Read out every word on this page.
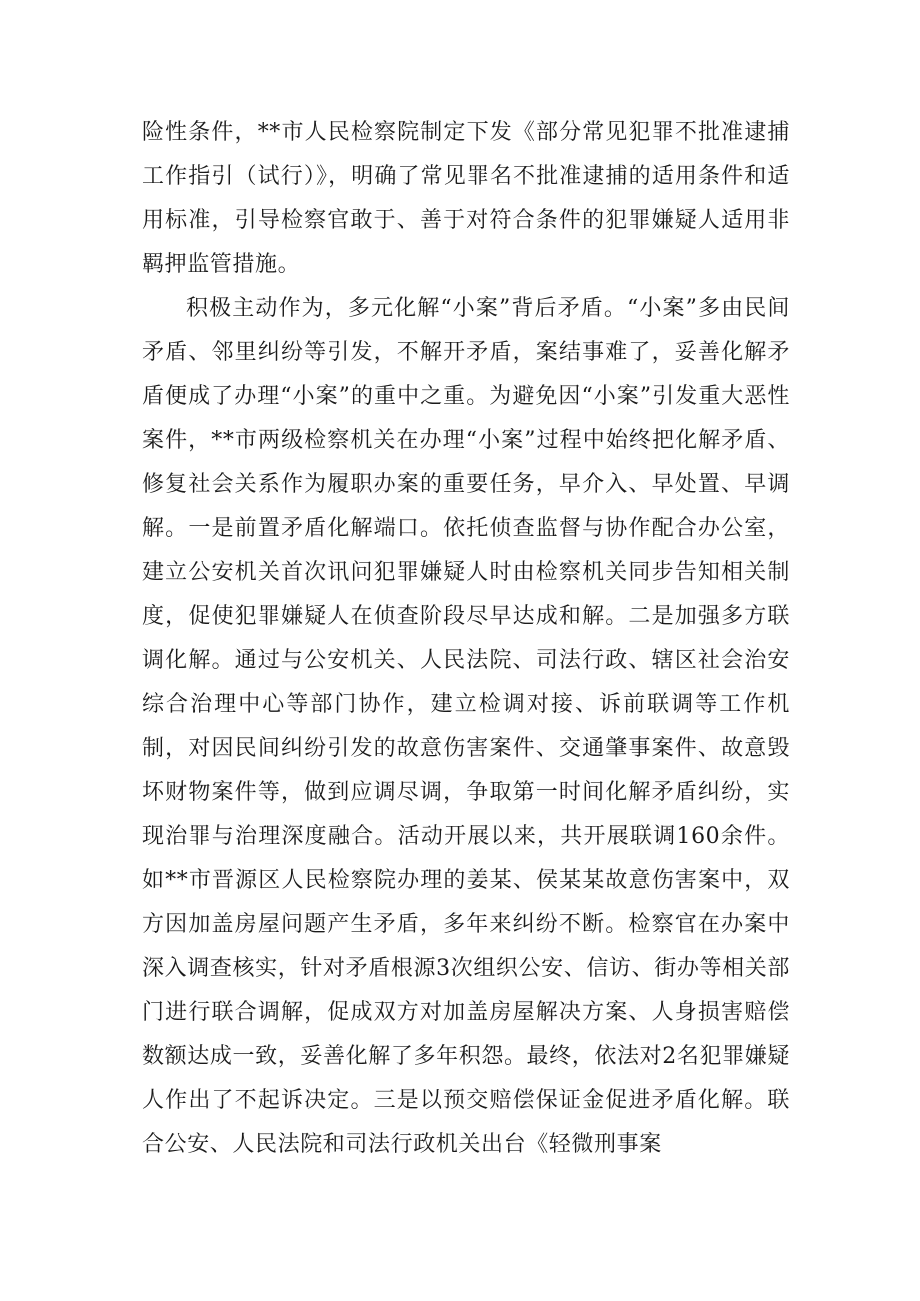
险性条件，**市人民检察院制定下发《部分常见犯罪不批准逮捕工作指引（试行）》，明确了常见罪名不批准逮捕的适用条件和适用标准，引导检察官敢于、善于对符合条件的犯罪嫌疑人适用非羁押监管措施。

积极主动作为，多元化解“小案”背后矛盾。“小案”多由民间矛盾、邻里纠纷等引发，不解开矛盾，案结事难了，妥善化解矛盾便成了办理“小案”的重中之重。为避免因“小案”引发重大恶性案件，**市两级检察机关在办理“小案”过程中始终把化解矛盾、修复社会关系作为履职办案的重要任务，早介入、早处置、早调解。一是前置矛盾化解端口。依托侦查监督与协作配合办公室，建立公安机关首次讯问犯罪嫌疑人时由检察机关同步告知相关制度，促使犯罪嫌疑人在侦查阶段尽早达成和解。二是加强多方联调化解。通过与公安机关、人民法院、司法行政、辖区社会治安综合治理中心等部门协作，建立检调对接、诉前联调等工作机制，对因民间纠纷引发的故意伤害案件、交通肇事案件、故意毁坏财物案件等，做到应调尽调，争取第一时间化解矛盾纠纷，实现治罪与治理深度融合。活动开展以来，共开展联调160余件。如**市晋源区人民检察院办理的姜某、侯某某故意伤害案中，双方因加盖房屋问题产生矛盾，多年来纠纷不断。检察官在办案中深入调查核实，针对矛盾根源3次组织公安、信访、街办等相关部门进行联合调解，促成双方对加盖房屋解决方案、人身损害赔偿数额达成一致，妥善化解了多年积怨。最终，依法对2名犯罪嫌疑人作出了不起诉决定。三是以预交赔偿保证金促进矛盾化解。联合公安、人民法院和司法行政机关出台《轻微刑事案
